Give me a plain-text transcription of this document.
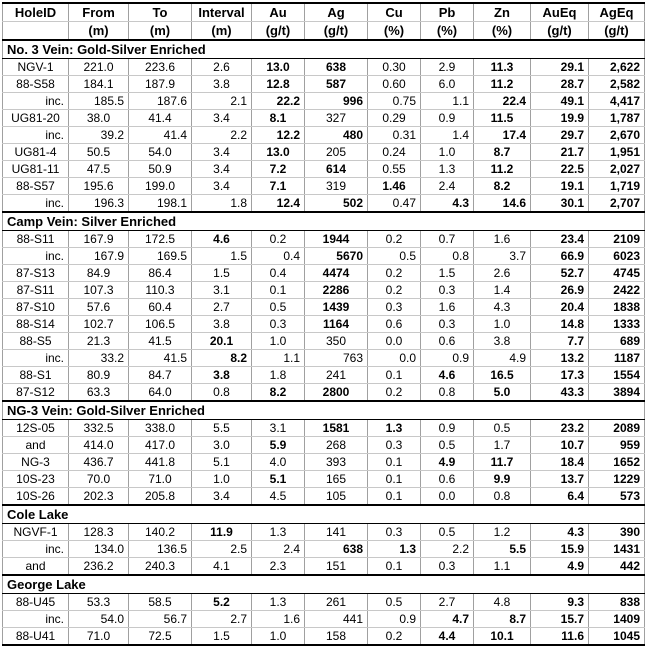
HoleID	From	To	Interval	Au	Ag	Cu	Pb	Zn	AuEq	AgEq
	(m)	(m)	(m)	(g/t)	(g/t)	(%)	(%)	(%)	(g/t)	(g/t)
No. 3 Vein: Gold-Silver Enriched										
NGV-1	221.0	223.6	2.6	13.0	638	0.30	2.9	11.3	29.1	2,622
88-S58	184.1	187.9	3.8	12.8	587	0.60	6.0	11.2	28.7	2,582
inc.	185.5	187.6	2.1	22.2	996	0.75	1.1	22.4	49.1	4,417
UG81-20	38.0	41.4	3.4	8.1	327	0.29	0.9	11.5	19.9	1,787
inc.	39.2	41.4	2.2	12.2	480	0.31	1.4	17.4	29.7	2,670
UG81-4	50.5	54.0	3.4	13.0	205	0.24	1.0	8.7	21.7	1,951
UG81-11	47.5	50.9	3.4	7.2	614	0.55	1.3	11.2	22.5	2,027
88-S57	195.6	199.0	3.4	7.1	319	1.46	2.4	8.2	19.1	1,719
inc.	196.3	198.1	1.8	12.4	502	0.47	4.3	14.6	30.1	2,707
Camp Vein: Silver Enriched										
88-S11	167.9	172.5	4.6	0.2	1944	0.2	0.7	1.6	23.4	2109
inc.	167.9	169.5	1.5	0.4	5670	0.5	0.8	3.7	66.9	6023
87-S13	84.9	86.4	1.5	0.4	4474	0.2	1.5	2.6	52.7	4745
87-S11	107.3	110.3	3.1	0.1	2286	0.2	0.3	1.4	26.9	2422
87-S10	57.6	60.4	2.7	0.5	1439	0.3	1.6	4.3	20.4	1838
88-S14	102.7	106.5	3.8	0.3	1164	0.6	0.3	1.0	14.8	1333
88-S5	21.3	41.5	20.1	1.0	350	0.0	0.6	3.8	7.7	689
inc.	33.2	41.5	8.2	1.1	763	0.0	0.9	4.9	13.2	1187
88-S1	80.9	84.7	3.8	1.8	241	0.1	4.6	16.5	17.3	1554
87-S12	63.3	64.0	0.8	8.2	2800	0.2	0.8	5.0	43.3	3894
NG-3 Vein: Gold-Silver Enriched										
12S-05	332.5	338.0	5.5	3.1	1581	1.3	0.9	0.5	23.2	2089
and	414.0	417.0	3.0	5.9	268	0.3	0.5	1.7	10.7	959
NG-3	436.7	441.8	5.1	4.0	393	0.1	4.9	11.7	18.4	1652
10S-23	70.0	71.0	1.0	5.1	165	0.1	0.6	9.9	13.7	1229
10S-26	202.3	205.8	3.4	4.5	105	0.1	0.0	0.8	6.4	573
Cole Lake										
NGVF-1	128.3	140.2	11.9	1.3	141	0.3	0.5	1.2	4.3	390
inc.	134.0	136.5	2.5	2.4	638	1.3	2.2	5.5	15.9	1431
and	236.2	240.3	4.1	2.3	151	0.1	0.3	1.1	4.9	442
George Lake										
88-U45	53.3	58.5	5.2	1.3	261	0.5	2.7	4.8	9.3	838
inc.	54.0	56.7	2.7	1.6	441	0.9	4.7	8.7	15.7	1409
88-U41	71.0	72.5	1.5	1.0	158	0.2	4.4	10.1	11.6	1045
